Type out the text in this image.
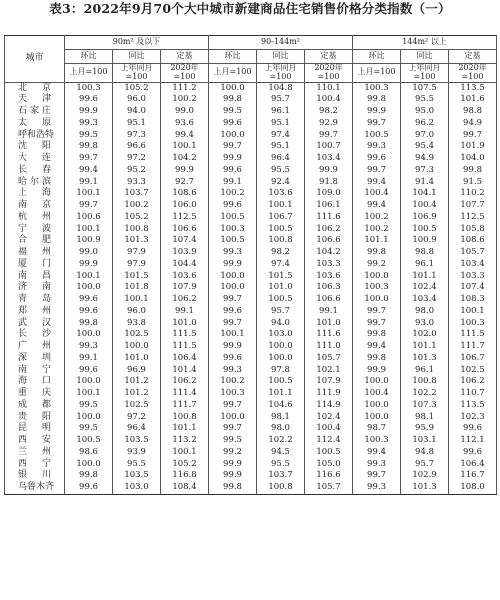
表3：2022年9月70个大中城市新建商品住宅销售价格分类指数（一）
城市	90m² 及以下			90-144m²			144m² 以上		
	环比	同比	定基	环比	同比	定基	环比	同比	定基
	上月=100	上年同月=100	2020年=100	上月=100	上年同月=100	2020年=100	上月=100	上年同月=100	2020年=100
北京	100.3	105.2	111.2	100.0	104.8	110.1	100.3	107.5	113.5
天津	99.6	96.0	100.2	99.8	95.7	100.4	99.8	95.5	101.6
石家庄	99.9	94.0	99.0	99.5	96.1	98.2	99.9	95.0	98.8
太原	99.3	95.1	93.6	99.6	95.1	92.9	99.7	96.2	94.9
呼和浩特	99.5	97.3	99.4	100.0	97.4	99.7	100.5	97.0	99.7
沈阳	99.8	96.6	100.1	99.7	95.1	100.7	99.3	95.4	101.9
大连	99.7	97.2	104.2	99.9	96.4	103.4	99.6	94.9	104.0
长春	99.4	95.2	99.9	99.6	95.5	99.9	99.7	97.3	99.8
哈尔滨	99.1	93.3	92.7	99.1	92.4	91.8	99.4	91.4	91.5
上海	100.1	103.7	108.6	100.2	103.6	109.0	100.4	104.1	110.2
南京	99.7	100.2	106.0	99.6	100.1	106.1	99.4	100.4	107.7
杭州	100.6	105.2	112.5	100.5	106.7	111.6	100.2	106.9	112.5
宁波	100.1	100.8	106.6	100.3	100.5	106.2	100.2	100.5	105.8
合肥	100.9	101.3	107.4	100.5	100.8	106.6	101.1	100.9	108.6
福州	99.0	97.9	103.9	99.3	98.2	104.2	99.8	98.8	105.7
厦门	99.9	97.9	104.4	99.9	97.4	103.3	99.2	96.1	103.4
南昌	100.1	101.5	103.6	100.0	101.5	103.6	100.0	101.1	103.3
济南	100.0	101.8	107.9	100.0	101.0	106.3	100.3	102.4	107.4
青岛	99.6	100.1	106.2	99.7	100.5	106.6	100.0	103.4	108.3
郑州	99.6	96.0	99.1	99.6	95.7	99.1	99.7	98.0	100.1
武汉	99.8	93.8	101.0	99.7	94.0	101.0	99.7	93.0	100.3
长沙	100.0	102.5	111.5	100.1	103.0	111.6	99.8	102.0	111.5
广州	99.3	100.0	111.5	99.9	100.0	111.0	99.4	101.1	111.7
深圳	99.1	101.0	106.4	99.6	100.0	105.7	99.8	101.3	106.7
南宁	99.6	96.9	101.4	99.3	97.8	102.1	99.9	96.1	102.5
海口	100.0	101.2	106.2	100.2	100.5	107.9	100.0	100.8	106.2
重庆	100.1	101.2	111.4	100.3	101.1	111.9	100.4	102.2	110.7
成都	99.5	102.5	111.7	99.7	104.6	114.9	100.0	107.3	113.5
贵阳	100.0	97.2	100.8	100.0	98.1	102.4	100.0	98.1	102.3
昆明	99.5	96.4	101.1	99.7	98.0	100.4	98.7	95.9	99.6
西安	100.5	103.5	113.2	99.5	102.2	112.4	100.3	103.1	112.1
兰州	98.6	93.9	100.1	99.2	94.5	100.5	99.4	94.8	99.6
西宁	100.0	95.5	105.2	99.9	95.5	105.0	99.3	95.7	106.4
银川	99.8	103.5	116.8	99.9	103.7	116.6	99.7	102.9	116.7
乌鲁木齐	99.6	103.0	108.4	99.8	100.8	105.7	99.3	101.3	108.0
